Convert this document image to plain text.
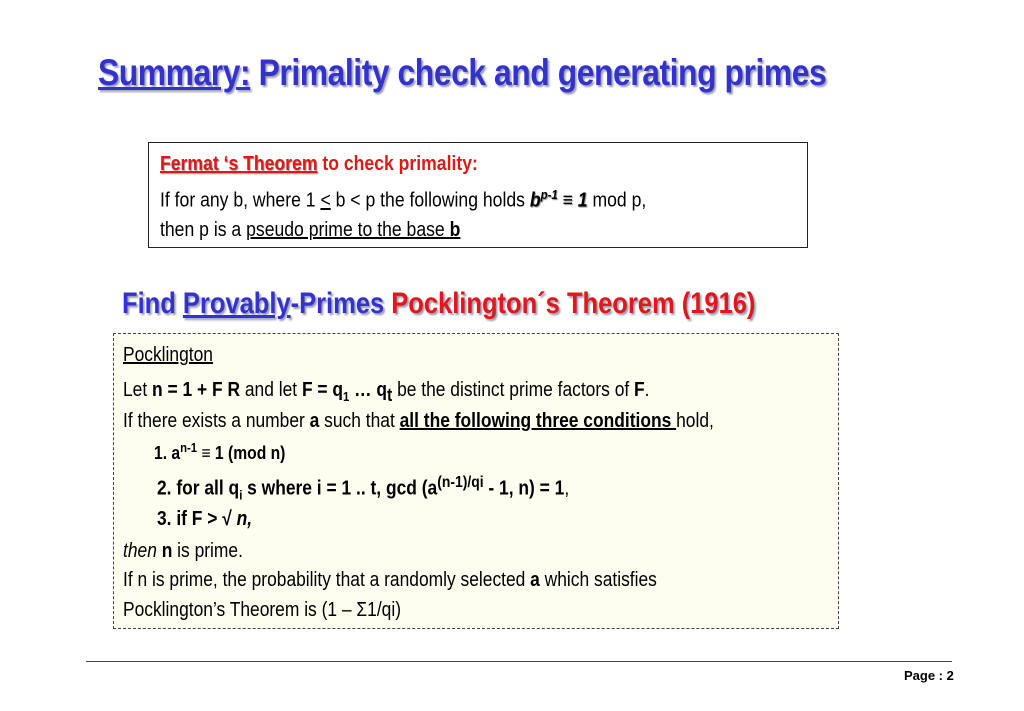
Summary: Primality check and generating primes
Fermat ‘s Theorem to check primality:
If for any b, where 1 < b < p the following holds $b^{p-1} \equiv 1$ mod p,
then p is a pseudo prime to the base b
Find Provably-Primes Pocklington´s Theorem (1916)
Pocklington
Let n = 1 + F R and let $F = q_1$ … $q_t$ be the distinct prime factors of F.
If there exists a number a such that all the following three conditions hold,
1. $a^{n-1} \equiv 1$ (mod n)
2. for all $q_i$ s where i = 1 .. t, $\gcd (a^{(n-1)/qi} - 1$, n) = 1,
3. if F > √ n,
then n is prime.
If n is prime, the probability that a randomly selected a which satisfies
Pocklington’s Theorem is (1 – Σ1/qi)
Page : 2
